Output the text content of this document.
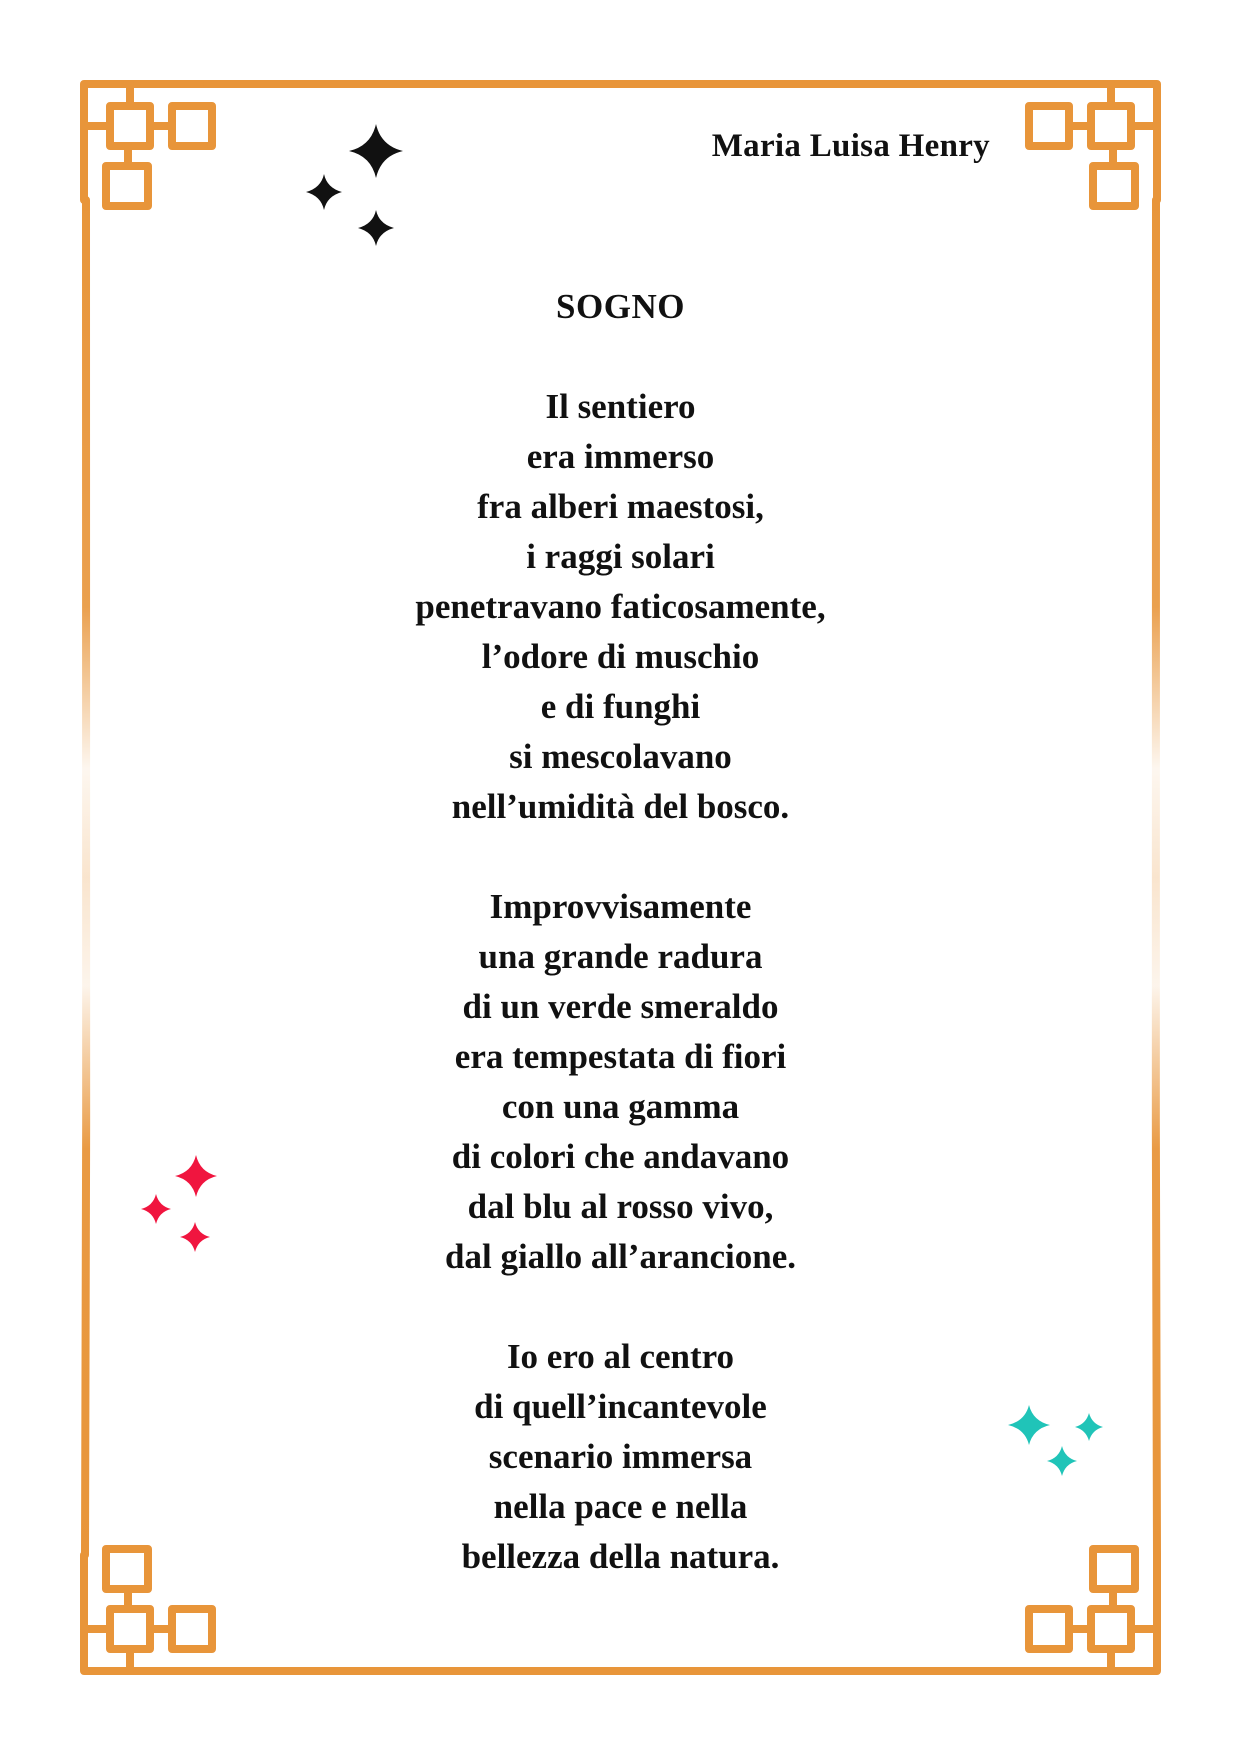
Maria Luisa Henry
SOGNO
Il sentiero
era immerso
fra alberi maestosi,
i raggi solari
penetravano faticosamente,
l’odore di muschio
e di funghi
si mescolavano
nell’umidità del bosco.
Improvvisamente
una grande radura
di un verde smeraldo
era tempestata di fiori
con una gamma
di colori che andavano
dal blu al rosso vivo,
dal giallo all’arancione.
Io ero al centro
di quell’incantevole
scenario immersa
nella pace e nella
bellezza della natura.
